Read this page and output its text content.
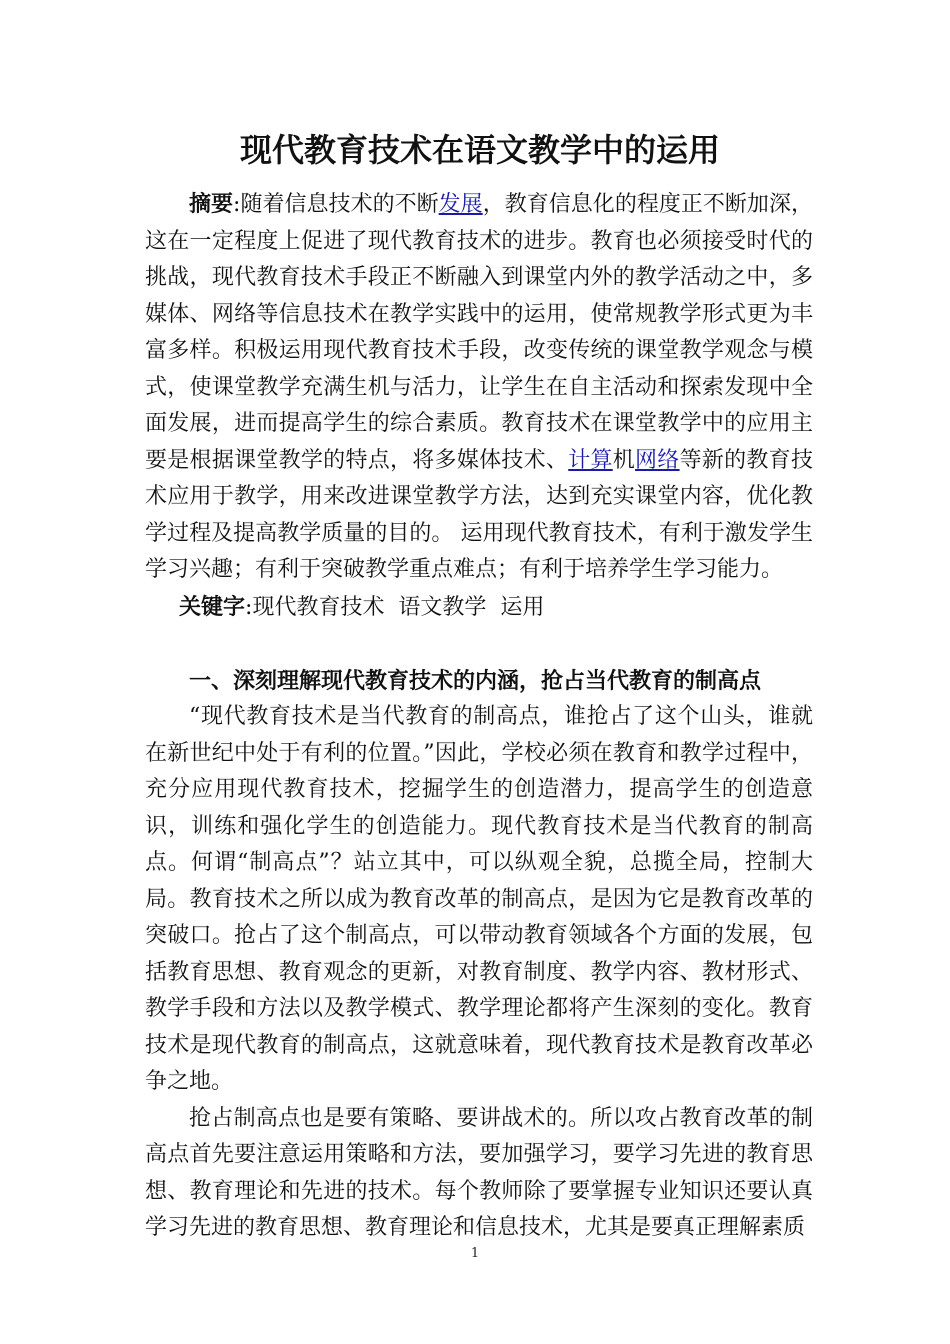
现代教育技术在语文教学中的运用

摘要:随着信息技术的不断发展，教育信息化的程度正不断加深，这在一定程度上促进了现代教育技术的进步。教育也必须接受时代的挑战，现代教育技术手段正不断融入到课堂内外的教学活动之中，多媒体、网络等信息技术在教学实践中的运用，使常规教学形式更为丰富多样。积极运用现代教育技术手段，改变传统的课堂教学观念与模式，使课堂教学充满生机与活力，让学生在自主活动和探索发现中全面发展，进而提高学生的综合素质。教育技术在课堂教学中的应用主要是根据课堂教学的特点，将多媒体技术、计算机网络等新的教育技术应用于教学，用来改进课堂教学方法，达到充实课堂内容，优化教学过程及提高教学质量的目的。 运用现代教育技术，有利于激发学生学习兴趣；有利于突破教学重点难点；有利于培养学生学习能力。

关键字:现代教育技术  语文教学  运用

一、深刻理解现代教育技术的内涵，抢占当代教育的制高点

“现代教育技术是当代教育的制高点，谁抢占了这个山头，谁就在新世纪中处于有利的位置。”因此，学校必须在教育和教学过程中，充分应用现代教育技术，挖掘学生的创造潜力，提高学生的创造意识，训练和强化学生的创造能力。现代教育技术是当代教育的制高点。何谓“制高点”？站立其中，可以纵观全貌，总揽全局，控制大局。教育技术之所以成为教育改革的制高点，是因为它是教育改革的突破口。抢占了这个制高点，可以带动教育领域各个方面的发展，包括教育思想、教育观念的更新，对教育制度、教学内容、教材形式、教学手段和方法以及教学模式、教学理论都将产生深刻的变化。教育技术是现代教育的制高点，这就意味着，现代教育技术是教育改革必争之地。

抢占制高点也是要有策略、要讲战术的。所以攻占教育改革的制高点首先要注意运用策略和方法，要加强学习，要学习先进的教育思想、教育理论和先进的技术。每个教师除了要掌握专业知识还要认真学习先进的教育思想、教育理论和信息技术，尤其是要真正理解素质

1
